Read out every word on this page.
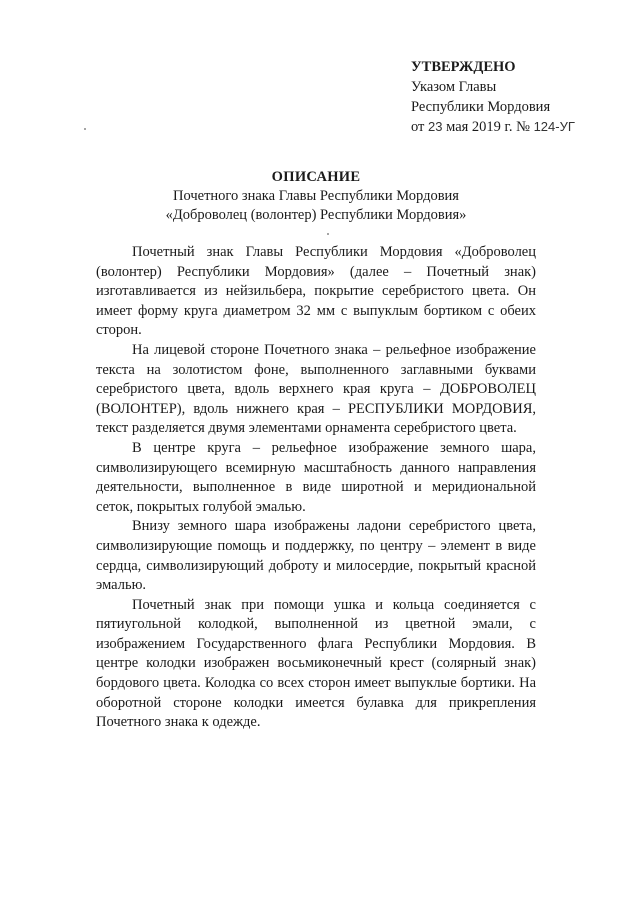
УТВЕРЖДЕНО
Указом Главы
Республики Мордовия
от 23 мая 2019 г. № 124-УГ
ОПИСАНИЕ
Почетного знака Главы Республики Мордовия
«Доброволец (волонтер) Республики Мордовия»

Почетный знак Главы Республики Мордовия «Доброволец (волонтер) Республики Мордовия» (далее – Почетный знак) изготавливается из нейзильбера, покрытие серебристого цвета. Он имеет форму круга диаметром 32 мм с выпуклым бортиком с обеих сторон.

На лицевой стороне Почетного знака – рельефное изображение текста на золотистом фоне, выполненного заглавными буквами серебристого цвета, вдоль верхнего края круга – ДОБРОВОЛЕЦ (ВОЛОНТЕР), вдоль нижнего края – РЕСПУБЛИКИ МОРДОВИЯ, текст разделяется двумя элементами орнамента серебристого цвета.

В центре круга – рельефное изображение земного шара, символизирующего всемирную масштабность данного направления деятельности, выполненное в виде широтной и меридиональной сеток, покрытых голубой эмалью.

Внизу земного шара изображены ладони серебристого цвета, символизирующие помощь и поддержку, по центру – элемент в виде сердца, символизирующий доброту и милосердие, покрытый красной эмалью.

Почетный знак при помощи ушка и кольца соединяется с пятиугольной колодкой, выполненной из цветной эмали, с изображением Государственного флага Республики Мордовия. В центре колодки изображен восьмиконечный крест (солярный знак) бордового цвета. Колодка со всех сторон имеет выпуклые бортики. На оборотной стороне колодки имеется булавка для прикрепления Почетного знака к одежде.
